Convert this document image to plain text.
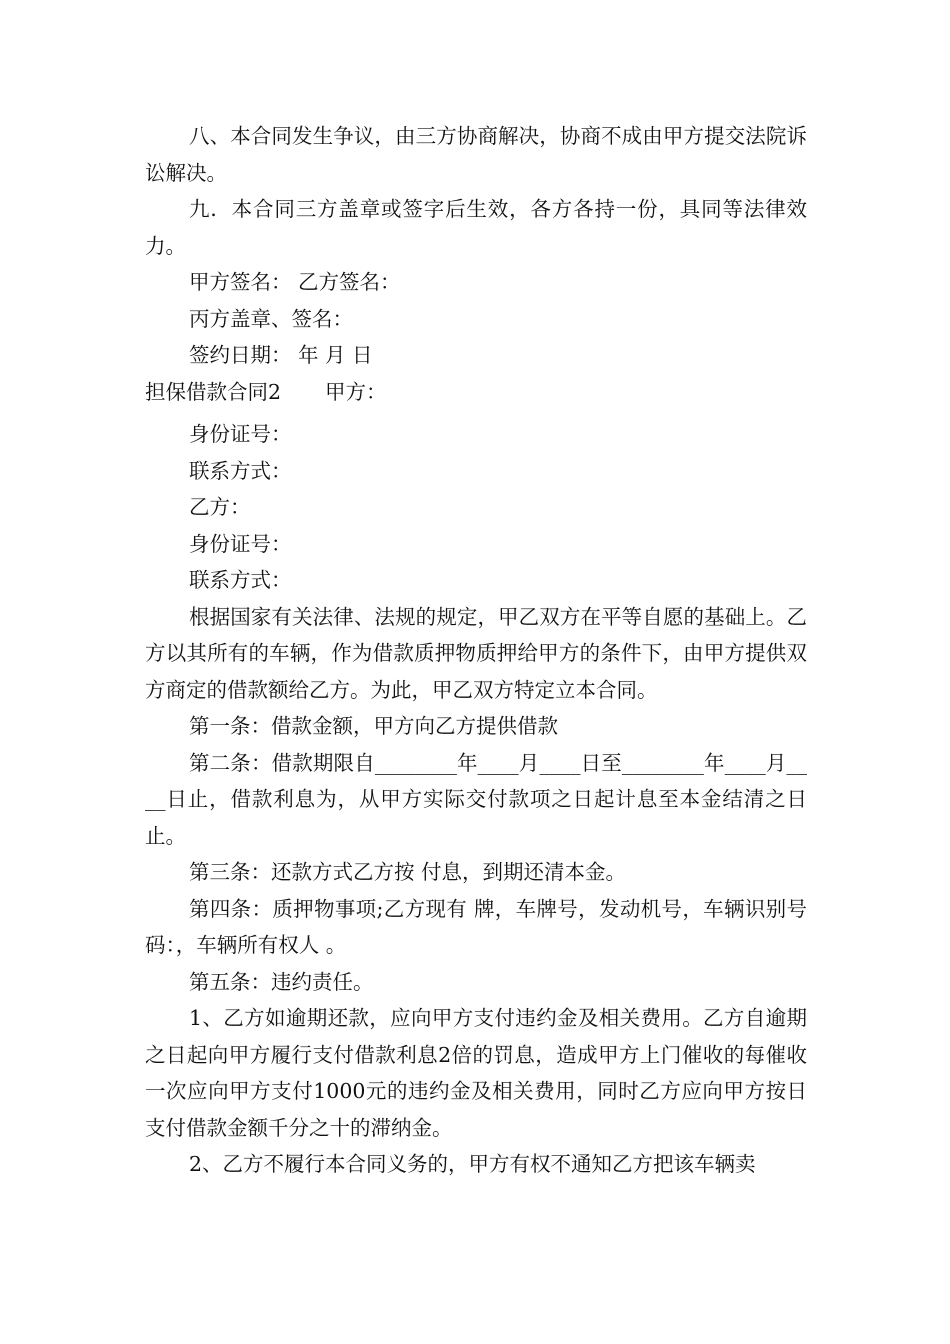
八、本合同发生争议，由三方协商解决，协商不成由甲方提交法院诉讼解决。

九．本合同三方盖章或签字后生效，各方各持一份，具同等法律效力。

甲方签名： 乙方签名：

丙方盖章、签名：

签约日期： 年 月 日

担保借款合同2 甲方：

身份证号：

联系方式：

乙方：

身份证号：

联系方式：

根据国家有关法律、法规的规定，甲乙双方在平等自愿的基础上。乙方以其所有的车辆，作为借款质押物质押给甲方的条件下，由甲方提供双方商定的借款额给乙方。为此，甲乙双方特定立本合同。

第一条：借款金额，甲方向乙方提供借款

第二条：借款期限自________年____月____日至________年____月____日止，借款利息为，从甲方实际交付款项之日起计息至本金结清之日止。

第三条：还款方式乙方按 付息，到期还清本金。

第四条：质押物事项;乙方现有 牌，车牌号，发动机号，车辆识别号码：，车辆所有权人 。

第五条：违约责任。

1、乙方如逾期还款，应向甲方支付违约金及相关费用。乙方自逾期之日起向甲方履行支付借款利息2倍的罚息，造成甲方上门催收的每催收一次应向甲方支付1000元的违约金及相关费用，同时乙方应向甲方按日支付借款金额千分之十的滞纳金。

2、乙方不履行本合同义务的，甲方有权不通知乙方把该车辆卖
